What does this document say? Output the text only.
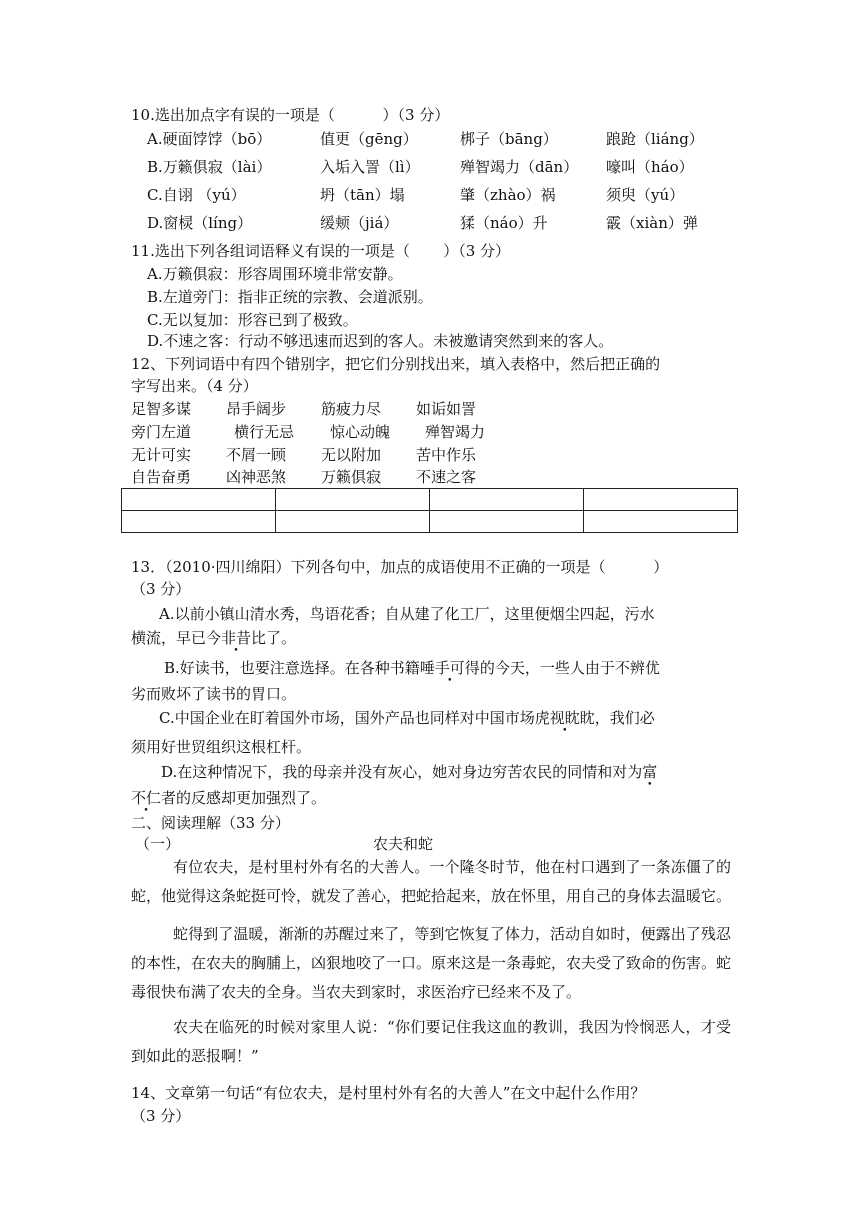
10.选出加点字有误的一项是（          ）（3 分）
A.硬面饽饽（bō）	值更（gēng）	梆子（bāng）	踉跄（liáng）
B.万籁俱寂（lài）	入垢入詈（lì）	殚智竭力（dān） 嚎叫（háo）
C.自诩 （yú）	坍（tān）塌	肇（zhào）祸	须臾（yú）
D.窗棂（líng）	缓颊（jiá）	猱（náo）升	霰（xiàn）弹
11.选出下列各组词语释义有误的一项是（       ）（3 分）
A.万籁俱寂：形容周围环境非常安静。
B.左道旁门：指非正统的宗教、会道派别。
C.无以复加：形容已到了极致。
D.不速之客：行动不够迅速而迟到的客人。未被邀请突然到来的客人。
12、下列词语中有四个错别字，把它们分别找出来，填入表格中，然后把正确的
字写出来。（4 分）
足智多谋 昂手阔步 筋疲力尽 如诟如詈
旁门左道	横行无忌 惊心动魄 殚智竭力
无计可实 不屑一顾 无以附加 苦中作乐
自告奋勇 凶神恶煞 万籁俱寂 不速之客

13．（2010·四川绵阳）下列各句中，加点的成语使用不正确的一项是（          ）
（3 分）
A.以前小镇山清水秀，鸟语花香；自从建了化工厂，这里便烟尘四起，污水
横流，早已今非昔比了。
B.好读书，也要注意选择。在各种书籍唾手可得的今天，一些人由于不辨优
劣而败坏了读书的胃口。
C.中国企业在盯着国外市场，国外产品也同样对中国市场虎视眈眈，我们必
须用好世贸组织这根杠杆。
D.在这种情况下，我的母亲并没有灰心，她对身边穷苦农民的同情和对为富
不仁者的反感却更加强烈了。
二、阅读理解（33 分）
（一）	农夫和蛇
有位农夫，是村里村外有名的大善人。一个隆冬时节，他在村口遇到了一条冻僵了的蛇，他觉得这条蛇挺可怜，就发了善心，把蛇拾起来，放在怀里，用自己的身体去温暖它。
蛇得到了温暖，渐渐的苏醒过来了，等到它恢复了体力，活动自如时，便露出了残忍的本性，在农夫的胸脯上，凶狠地咬了一口。原来这是一条毒蛇，农夫受了致命的伤害。蛇毒很快布满了农夫的全身。当农夫到家时，求医治疗已经来不及了。
农夫在临死的时候对家里人说：“你们要记住我这血的教训，我因为怜悯恶人，才受到如此的恶报啊！”
14、文章第一句话“有位农夫，是村里村外有名的大善人”在文中起什么作用？
（3 分）
